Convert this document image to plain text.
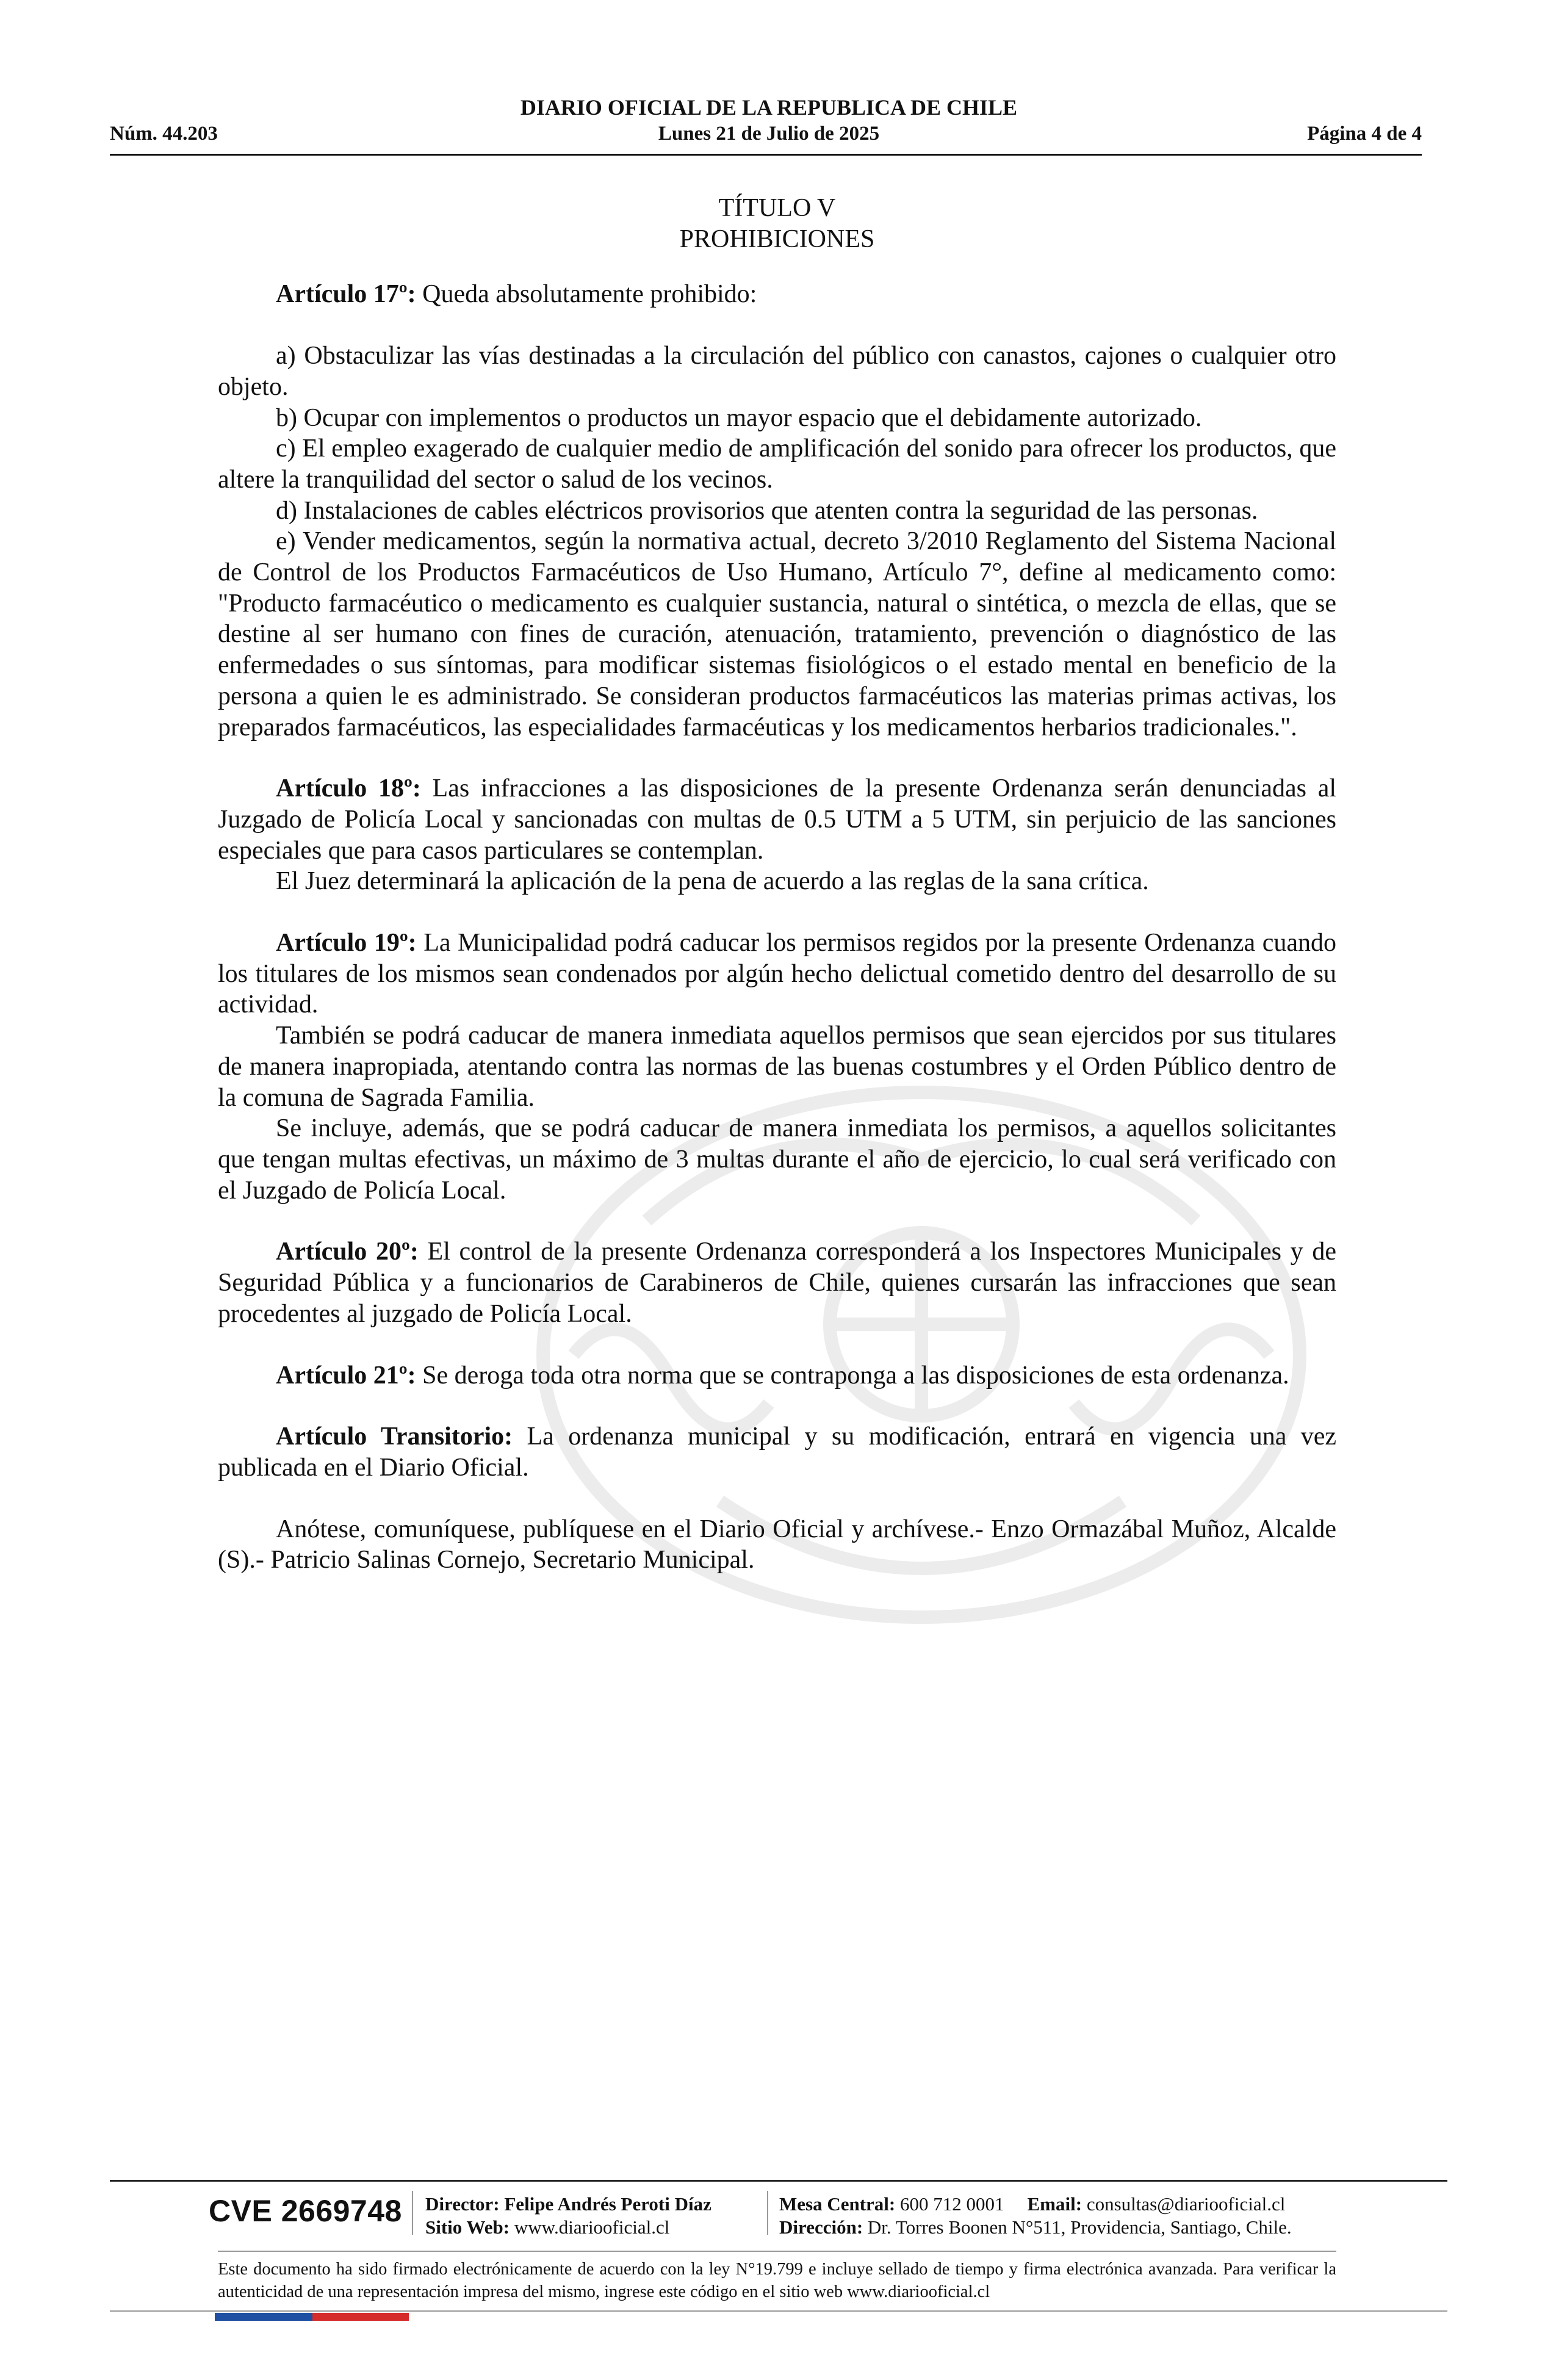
DIARIO OFICIAL DE LA REPUBLICA DE CHILE
Núm. 44.203	Lunes 21 de Julio de 2025	Página 4 de 4
TÍTULO V
PROHIBICIONES

Artículo 17º: Queda absolutamente prohibido:

a) Obstaculizar las vías destinadas a la circulación del público con canastos, cajones o cualquier otro objeto.

b) Ocupar con implementos o productos un mayor espacio que el debidamente autorizado.

c) El empleo exagerado de cualquier medio de amplificación del sonido para ofrecer los productos, que altere la tranquilidad del sector o salud de los vecinos.

d) Instalaciones de cables eléctricos provisorios que atenten contra la seguridad de las personas.

e) Vender medicamentos, según la normativa actual, decreto 3/2010 Reglamento del Sistema Nacional de Control de los Productos Farmacéuticos de Uso Humano, Artículo 7°, define al medicamento como: "Producto farmacéutico o medicamento es cualquier sustancia, natural o sintética, o mezcla de ellas, que se destine al ser humano con fines de curación, atenuación, tratamiento, prevención o diagnóstico de las enfermedades o sus síntomas, para modificar sistemas fisiológicos o el estado mental en beneficio de la persona a quien le es administrado. Se consideran productos farmacéuticos las materias primas activas, los preparados farmacéuticos, las especialidades farmacéuticas y los medicamentos herbarios tradicionales.".

Artículo 18º: Las infracciones a las disposiciones de la presente Ordenanza serán denunciadas al Juzgado de Policía Local y sancionadas con multas de 0.5 UTM a 5 UTM, sin perjuicio de las sanciones especiales que para casos particulares se contemplan.

El Juez determinará la aplicación de la pena de acuerdo a las reglas de la sana crítica.

Artículo 19º: La Municipalidad podrá caducar los permisos regidos por la presente Ordenanza cuando los titulares de los mismos sean condenados por algún hecho delictual cometido dentro del desarrollo de su actividad.

También se podrá caducar de manera inmediata aquellos permisos que sean ejercidos por sus titulares de manera inapropiada, atentando contra las normas de las buenas costumbres y el Orden Público dentro de la comuna de Sagrada Familia.

Se incluye, además, que se podrá caducar de manera inmediata los permisos, a aquellos solicitantes que tengan multas efectivas, un máximo de 3 multas durante el año de ejercicio, lo cual será verificado con el Juzgado de Policía Local.

Artículo 20º: El control de la presente Ordenanza corresponderá a los Inspectores Municipales y de Seguridad Pública y a funcionarios de Carabineros de Chile, quienes cursarán las infracciones que sean procedentes al juzgado de Policía Local.

Artículo 21º: Se deroga toda otra norma que se contraponga a las disposiciones de esta ordenanza.

Artículo Transitorio: La ordenanza municipal y su modificación, entrará en vigencia una vez publicada en el Diario Oficial.

Anótese, comuníquese, publíquese en el Diario Oficial y archívese.- Enzo Ormazábal Muñoz, Alcalde (S).- Patricio Salinas Cornejo, Secretario Municipal.

CVE 2669748 Director: Felipe Andrés Peroti Díaz
Sitio Web: www.diariooficial.cl
Mesa Central: 600 712 0001 Email: consultas@diariooficial.cl
Dirección: Dr. Torres Boonen N°511, Providencia, Santiago, Chile.
Este documento ha sido firmado electrónicamente de acuerdo con la ley N°19.799 e incluye sellado de tiempo y firma electrónica avanzada. Para verificar la autenticidad de una representación impresa del mismo, ingrese este código en el sitio web www.diariooficial.cl
